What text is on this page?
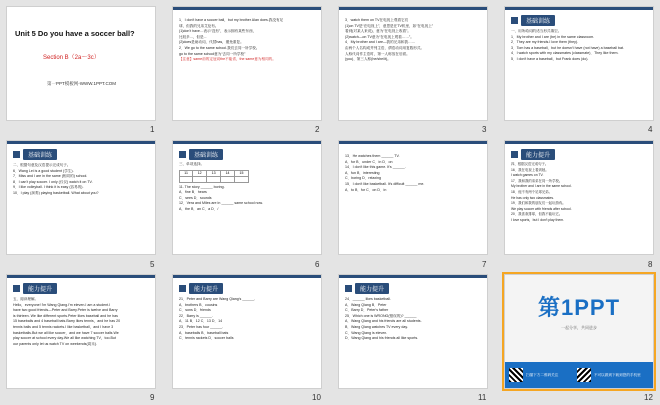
Unit 5 Do you have a soccer ball?
Section B（2a～3c）
第一PPT模板网-WWW.1PPT.COM
1
1．I don't have a soccer ball，but my brother Alan does.我没有足
球，但我的兄弟艾伦有。
(1)don't have…表示“没有”，表示拥有某些东西，
比较多...，但是...
(2)does是助动词，代替has，避免重复。
2．We go to the same school.我们去同一所学校。
go to the same school意为“去同一所学校”
【注意】same前的定冠词the不能省，the same意为相同的。
2
3．watch them on TV在电视上观看它们
(1)on TV是“在电视上”，意思是在TV机里，如“在电视上”
看到(对某人来说)，意为“在电视上收看”。
(2)watch—on TV意为“在电视上观看……”。
4．My brother and I are—我的兄弟和我……
由两个人名构成并列主语，谓语动词用复数形式。
人称代词作主语时，第一人称放在后面。
(you)、第三人称(he/she/it)。
3
基础训练
一、用所给词的适当形式填空。
1．My brother and I are (be) in the same classroom.
2．They are my friends.I love them (they).
3．Tom has a baseball，but he doesn't have (not have) a baseball bat.
4．I watch sports with my classmates (classmate)．They like them.
5．I don't have a baseball，but Frank does (do).
4
基础训练
二、根据句意及汉语提示完成句子。
6．Wang Lei is a good student (学生).
7．Miss and I are in the same (相同的) school.
8．I can't play soccer. I only (仅仅) watch it on TV.
9．I like volleyball. I think it is easy (容易的).
10．I play (演奏) playing basketball. What about you?
5
基础训练
三、单项选择。
11	12	13	14	15

11. The story ______ boring.
A．fine B．hears
C．sees D．sounds
12．Vera and Miles are in ______ same school now.
A．the B．an C．a D．/
6
13．He watches them ______ TV.
A．for B．under C．in D．on
14．I don't like this game. It's ______.
A．fun B．interesting
C．boring D．relaxing
15．I don't like basketball. It's difficult ______ me.
A．to B．for C．on D．in
7
能力提升
四、根据汉语完成句子。
16．我在电视上看到她。
I watch games on TV.
17．我和我的弟弟在同一所学校。
My brother and I are in the same school.
18．他不有两个足球兄弟。
He has only two classmates.
19．我们和我的朋友们一起玩游戏。
We play soccer with friends after school.
20．我喜欢排球，但我不能玩它。
I love sports，but I don't play them.
8
能力提升
五、阅读理解。
Hello，everyone! I'm Wang Qiang.I'm eleven.I am a student.I
have two good friends—Peter and Barry.Peter is twelve and Barry
is thirteen. We like different sports.Peter likes baseball and he has
15 baseballs and 4 baseball bats.Barry likes tennis，and he has 20
tennis balls and 5 tennis rackets.I like basketball，and I have 3
basketballs.But we all like soccer，and we have 7 soccer balls.We
play soccer at school every day.We all like watching TV，too.But
our parents only let us watch TV on weekends(周末).
9
能力提升
21．Peter and Barry are Wang Qiang's ______.
A．brothers B．cousins
C．sons D．friends
22．Barry is ______.
A．11 B．12 C．13 D．14
23．Peter has four ______.
A．baseballs B．baseball bats
C．tennis rackets D．soccer balls
10
能力提升
24．______ likes basketball.
A．Wang Qiang B．Peter
C．Barry D．Peter's father
25．Which one is WRONG(错误的)? ______
A．Wang Qiang and his friends are all students.
B．Wang Qiang watches TV every day.
C．Wang Qiang is eleven.
D．Wang Qiang and his friends all like sports.
11
第1PPT
一起分享，共同进步
扫描下方二维码关注	不可以做到下载到您的手机里
12
